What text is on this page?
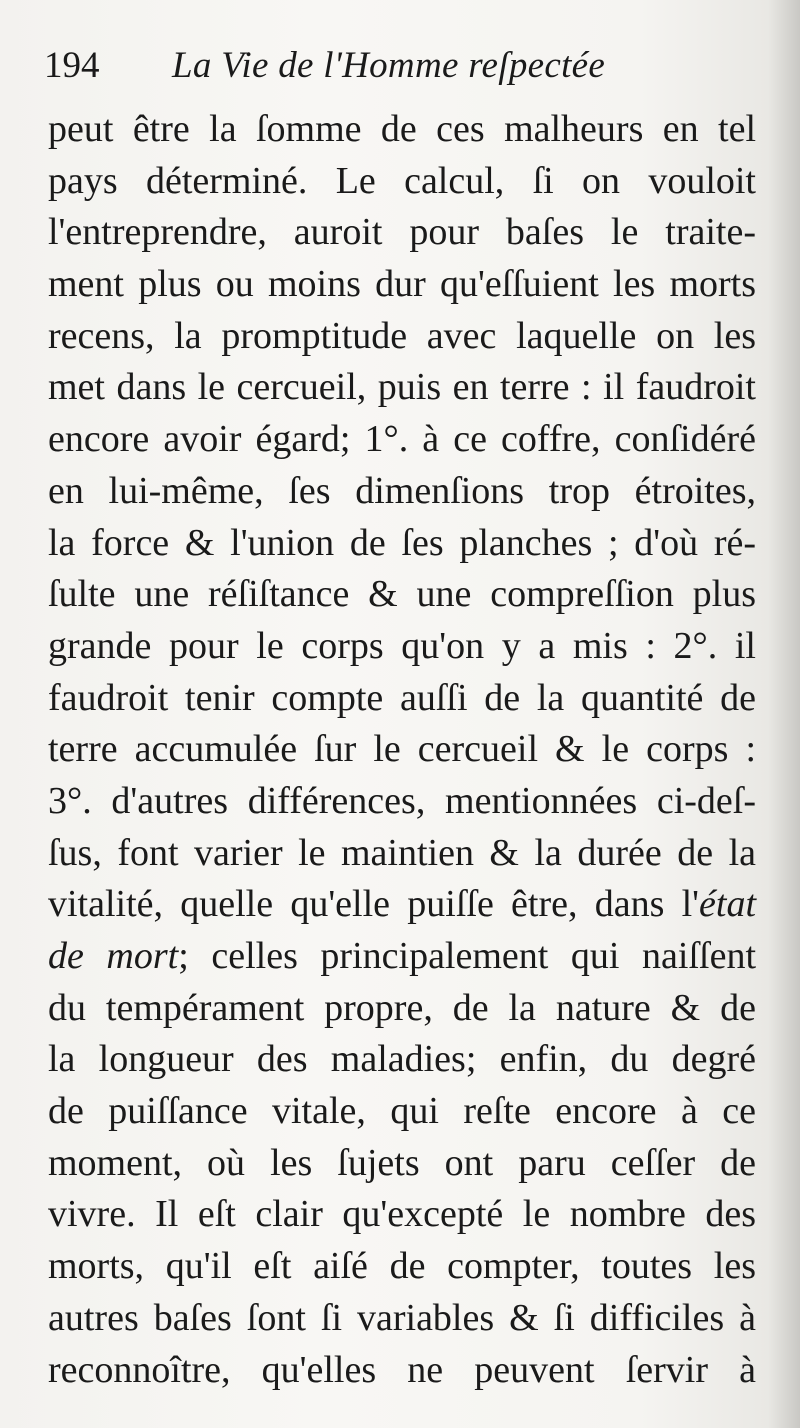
194 La Vie de l'Homme reſpectée
peut être la ſomme de ces malheurs en tel
pays déterminé. Le calcul, ſi on vouloit
l'entreprendre, auroit pour baſes le traite-
ment plus ou moins dur qu'eſſuient les morts
recens, la promptitude avec laquelle on les
met dans le cercueil, puis en terre : il faudroit
encore avoir égard; 1°. à ce coffre, conſidéré
en lui-même, ſes dimenſions trop étroites,
la force & l'union de ſes planches ; d'où ré-
ſulte une réſiſtance & une compreſſion plus
grande pour le corps qu'on y a mis : 2°. il
faudroit tenir compte auſſi de la quantité de
terre accumulée ſur le cercueil & le corps :
3°. d'autres différences, mentionnées ci-deſ-
ſus, font varier le maintien & la durée de la
vitalité, quelle qu'elle puiſſe être, dans l'état
de mort; celles principalement qui naiſſent
du tempérament propre, de la nature & de
la longueur des maladies; enfin, du degré
de puiſſance vitale, qui reſte encore à ce
moment, où les ſujets ont paru ceſſer de
vivre. Il eſt clair qu'excepté le nombre des
morts, qu'il eſt aiſé de compter, toutes les
autres baſes ſont ſi variables & ſi difficiles à
reconnoître, qu'elles ne peuvent ſervir à
